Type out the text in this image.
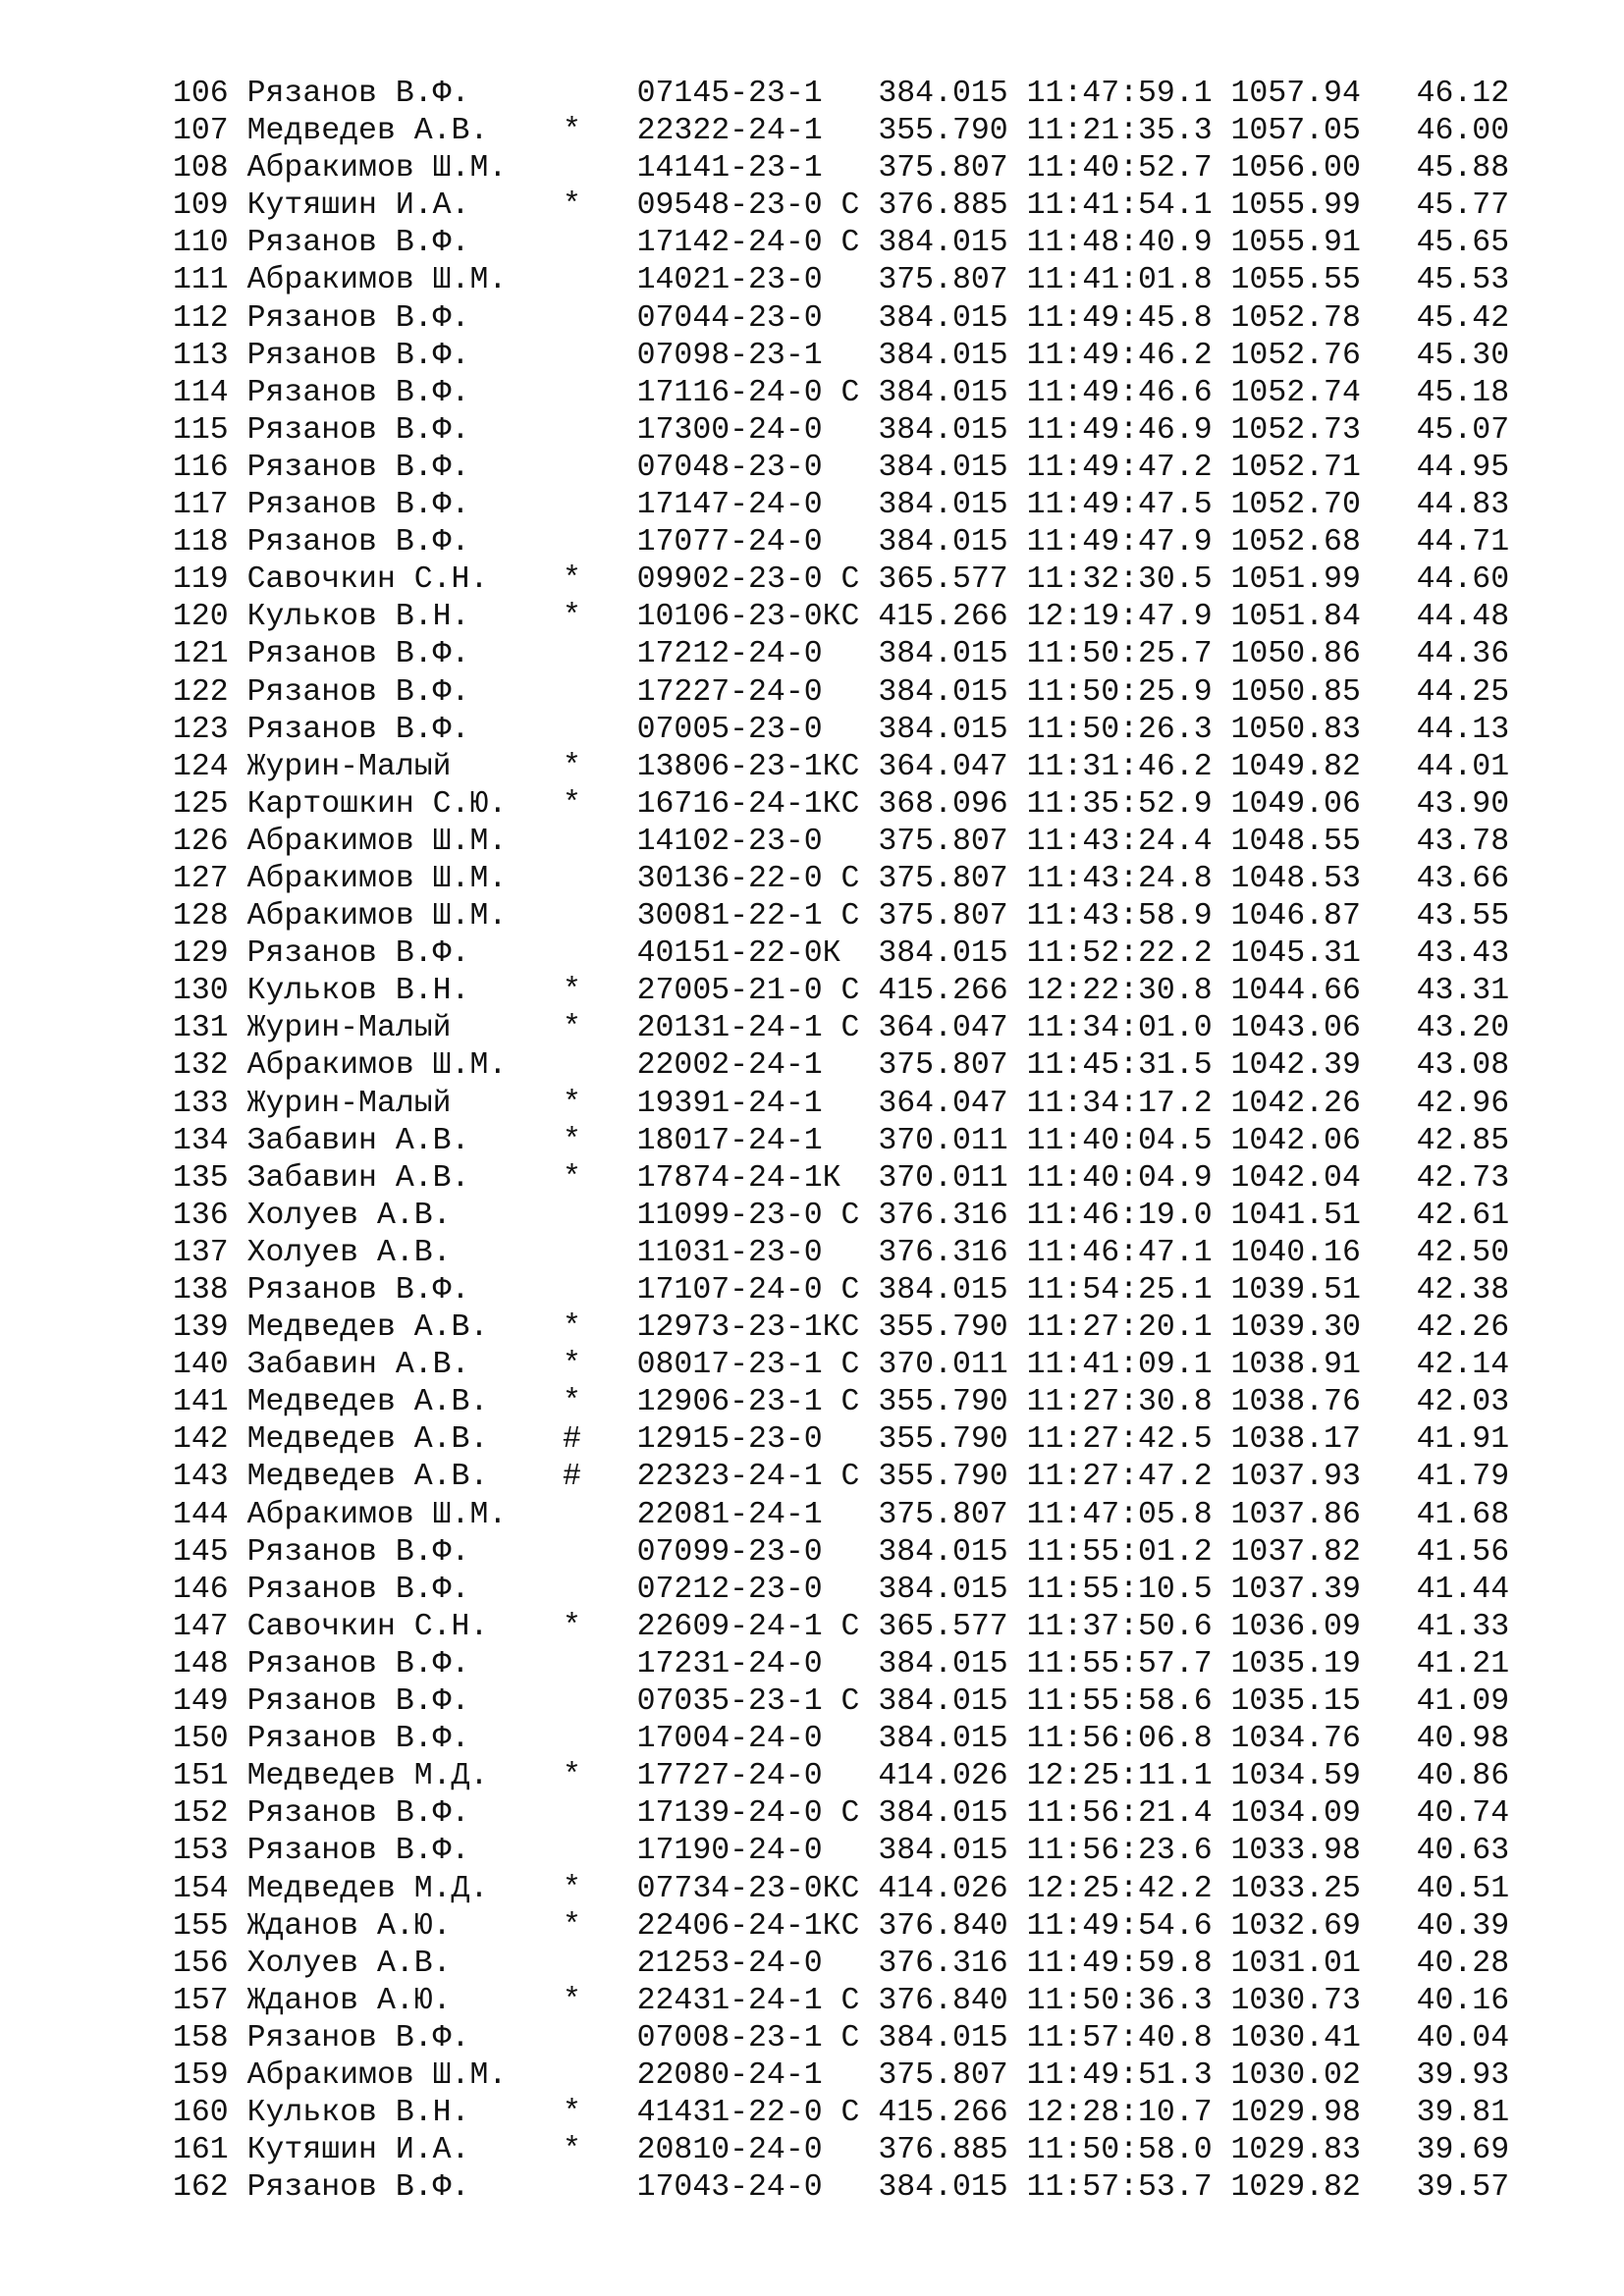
106 Рязанов В.Ф.	07145-23-1 384.015 11:47:59.1 1057.94 46.12
107 Медведев А.В. * 22322-24-1 355.790 11:21:35.3 1057.05 46.00
108 Абракимов Ш.М.	14141-23-1 375.807 11:40:52.7 1056.00 45.88
109 Кутяшин И.А.	* 09548-23-0 С 376.885 11:41:54.1 1055.99 45.77
110 Рязанов В.Ф.	17142-24-0 С 384.015 11:48:40.9 1055.91 45.65
111 Абракимов Ш.М.	14021-23-0 375.807 11:41:01.8 1055.55 45.53
112 Рязанов В.Ф.	07044-23-0 384.015 11:49:45.8 1052.78 45.42
113 Рязанов В.Ф.	07098-23-1 384.015 11:49:46.2 1052.76 45.30
114 Рязанов В.Ф.	17116-24-0 С 384.015 11:49:46.6 1052.74 45.18
115 Рязанов В.Ф.	17300-24-0 384.015 11:49:46.9 1052.73 45.07
116 Рязанов В.Ф.	07048-23-0 384.015 11:49:47.2 1052.71 44.95
117 Рязанов В.Ф.	17147-24-0 384.015 11:49:47.5 1052.70 44.83
118 Рязанов В.Ф.	17077-24-0 384.015 11:49:47.9 1052.68 44.71
119 Савочкин С.Н. * 09902-23-0 С 365.577 11:32:30.5 1051.99 44.60
120 Кульков В.Н.	* 10106-23-0КС 415.266 12:19:47.9 1051.84 44.48
121 Рязанов В.Ф.	17212-24-0 384.015 11:50:25.7 1050.86 44.36
122 Рязанов В.Ф.	17227-24-0 384.015 11:50:25.9 1050.85 44.25
123 Рязанов В.Ф.	07005-23-0 384.015 11:50:26.3 1050.83 44.13
124 Журин-Малый	* 13806-23-1КС 364.047 11:31:46.2 1049.82 44.01
125 Картошкин С.Ю. * 16716-24-1КС 368.096 11:35:52.9 1049.06 43.90
126 Абракимов Ш.М.	14102-23-0 375.807 11:43:24.4 1048.55 43.78
127 Абракимов Ш.М.	30136-22-0 С 375.807 11:43:24.8 1048.53 43.66
128 Абракимов Ш.М.	30081-22-1 С 375.807 11:43:58.9 1046.87 43.55
129 Рязанов В.Ф.	40151-22-0К 384.015 11:52:22.2 1045.31 43.43
130 Кульков В.Н.	* 27005-21-0 С 415.266 12:22:30.8 1044.66 43.31
131 Журин-Малый	* 20131-24-1 С 364.047 11:34:01.0 1043.06 43.20
132 Абракимов Ш.М.	22002-24-1 375.807 11:45:31.5 1042.39 43.08
133 Журин-Малый	* 19391-24-1 364.047 11:34:17.2 1042.26 42.96
134 Забавин А.В.	* 18017-24-1 370.011 11:40:04.5 1042.06 42.85
135 Забавин А.В.	* 17874-24-1К 370.011 11:40:04.9 1042.04 42.73
136 Холуев А.В.	11099-23-0 С 376.316 11:46:19.0 1041.51 42.61
137 Холуев А.В.	11031-23-0 376.316 11:46:47.1 1040.16 42.50
138 Рязанов В.Ф.	17107-24-0 С 384.015 11:54:25.1 1039.51 42.38
139 Медведев А.В. * 12973-23-1КС 355.790 11:27:20.1 1039.30 42.26
140 Забавин А.В.	* 08017-23-1 С 370.011 11:41:09.1 1038.91 42.14
141 Медведев А.В. * 12906-23-1 С 355.790 11:27:30.8 1038.76 42.03
142 Медведев А.В. # 12915-23-0 355.790 11:27:42.5 1038.17 41.91
143 Медведев А.В. # 22323-24-1 С 355.790 11:27:47.2 1037.93 41.79
144 Абракимов Ш.М.	22081-24-1 375.807 11:47:05.8 1037.86 41.68
145 Рязанов В.Ф.	07099-23-0 384.015 11:55:01.2 1037.82 41.56
146 Рязанов В.Ф.	07212-23-0 384.015 11:55:10.5 1037.39 41.44
147 Савочкин С.Н. * 22609-24-1 С 365.577 11:37:50.6 1036.09 41.33
148 Рязанов В.Ф.	17231-24-0 384.015 11:55:57.7 1035.19 41.21
149 Рязанов В.Ф.	07035-23-1 С 384.015 11:55:58.6 1035.15 41.09
150 Рязанов В.Ф.	17004-24-0 384.015 11:56:06.8 1034.76 40.98
151 Медведев М.Д. * 17727-24-0 414.026 12:25:11.1 1034.59 40.86
152 Рязанов В.Ф.	17139-24-0 С 384.015 11:56:21.4 1034.09 40.74
153 Рязанов В.Ф.	17190-24-0 384.015 11:56:23.6 1033.98 40.63
154 Медведев М.Д. * 07734-23-0КС 414.026 12:25:42.2 1033.25 40.51
155 Жданов А.Ю.	* 22406-24-1КС 376.840 11:49:54.6 1032.69 40.39
156 Холуев А.В.	21253-24-0 376.316 11:49:59.8 1031.01 40.28
157 Жданов А.Ю.	* 22431-24-1 С 376.840 11:50:36.3 1030.73 40.16
158 Рязанов В.Ф.	07008-23-1 С 384.015 11:57:40.8 1030.41 40.04
159 Абракимов Ш.М.	22080-24-1 375.807 11:49:51.3 1030.02 39.93
160 Кульков В.Н.	* 41431-22-0 С 415.266 12:28:10.7 1029.98 39.81
161 Кутяшин И.А.	* 20810-24-0 376.885 11:50:58.0 1029.83 39.69
162 Рязанов В.Ф.	17043-24-0 384.015 11:57:53.7 1029.82 39.57
